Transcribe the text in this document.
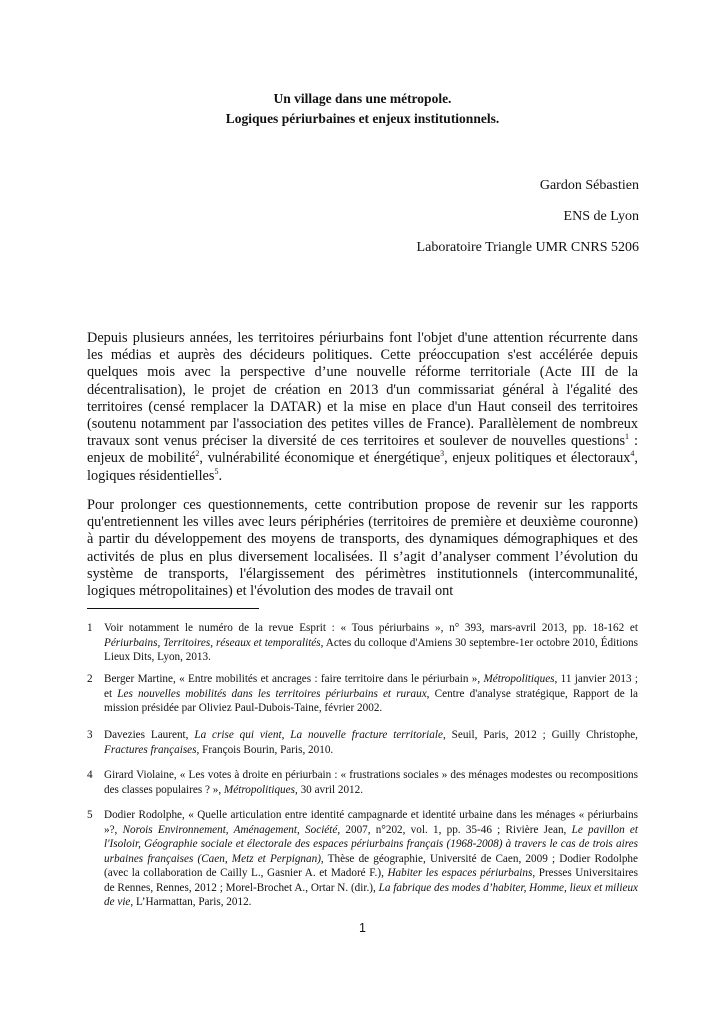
Un village dans une métropole.
Logiques périurbaines et enjeux institutionnels.
Gardon Sébastien
ENS de Lyon
Laboratoire Triangle UMR CNRS 5206

Depuis plusieurs années, les territoires périurbains font l'objet d'une attention récurrente dans les médias et auprès des décideurs politiques. Cette préoccupation s'est accélérée depuis quelques mois avec la perspective d’une nouvelle réforme territoriale (Acte III de la décentralisation), le projet de création en 2013 d'un commissariat général à l'égalité des territoires (censé remplacer la DATAR) et la mise en place d'un Haut conseil des territoires (soutenu notamment par l'association des petites villes de France). Parallèlement de nombreux travaux sont venus préciser la diversité de ces territoires et soulever de nouvelles questions$^1$ : enjeux de mobilité$^2$, vulnérabilité économique et énergétique$^3$, enjeux politiques et électoraux$^4$, logiques résidentielles$^5$.

Pour prolonger ces questionnements, cette contribution propose de revenir sur les rapports qu'entretiennent les villes avec leurs périphéries (territoires de première et deuxième couronne) à partir du développement des moyens de transports, des dynamiques démographiques et des activités de plus en plus diversement localisées. Il s’agit d’analyser comment l’évolution du système de transports, l'élargissement des périmètres institutionnels (intercommunalité, logiques métropolitaines) et l'évolution des modes de travail ont

1 Voir notamment le numéro de la revue Esprit : « Tous périurbains », n° 393, mars-avril 2013, pp. 18-162 et Périurbains, Territoires, réseaux et temporalités, Actes du colloque d'Amiens 30 septembre-1er octobre 2010, Éditions Lieux Dits, Lyon, 2013.
2 Berger Martine, « Entre mobilités et ancrages : faire territoire dans le périurbain », Métropolitiques, 11 janvier 2013 ; et Les nouvelles mobilités dans les territoires périurbains et ruraux, Centre d'analyse stratégique, Rapport de la mission présidée par Oliviez Paul-Dubois-Taine, février 2002.
3 Davezies Laurent, La crise qui vient, La nouvelle fracture territoriale, Seuil, Paris, 2012 ; Guilly Christophe, Fractures françaises, François Bourin, Paris, 2010.
4 Girard Violaine, « Les votes à droite en périurbain : « frustrations sociales » des ménages modestes ou recompositions des classes populaires ? », Métropolitiques, 30 avril 2012.
5 Dodier Rodolphe, « Quelle articulation entre identité campagnarde et identité urbaine dans les ménages « périurbains »?, Norois Environnement, Aménagement, Société, 2007, n°202, vol. 1, pp. 35-46 ; Rivière Jean, Le pavillon et l'Isoloir, Géographie sociale et électorale des espaces périurbains français (1968-2008) à travers le cas de trois aires urbaines françaises (Caen, Metz et Perpignan), Thèse de géographie, Université de Caen, 2009 ; Dodier Rodolphe (avec la collaboration de Cailly L., Gasnier A. et Madoré F.), Habiter les espaces périurbains, Presses Universitaires de Rennes, Rennes, 2012 ; Morel-Brochet A., Ortar N. (dir.), La fabrique des modes d’habiter, Homme, lieux et milieux de vie, L’Harmattan, Paris, 2012.
1
